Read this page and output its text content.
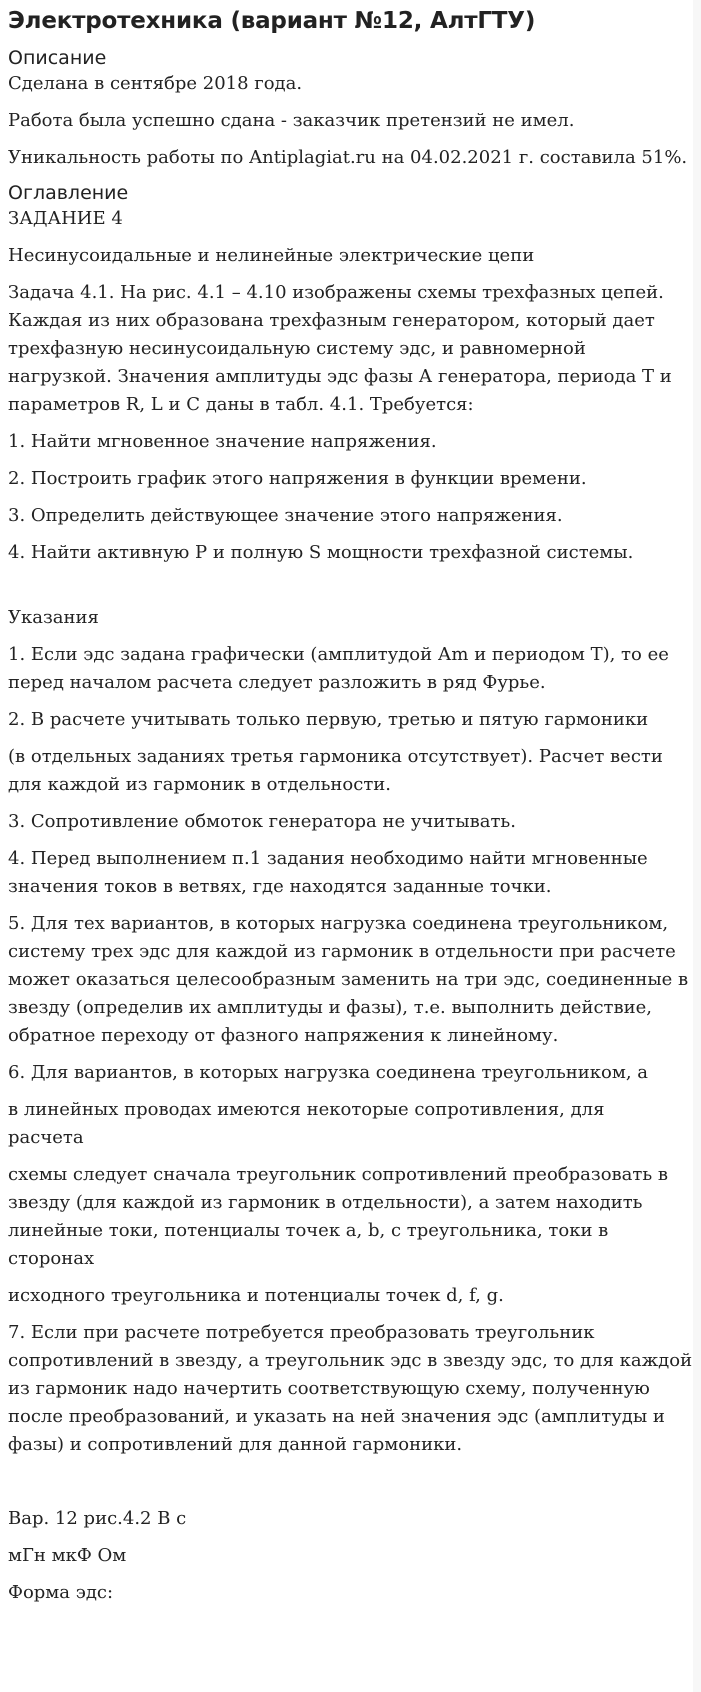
Электротехника (вариант №12, АлтГТУ)
Описание

Сделана в сентябре 2018 года.

Работа была успешно сдана - заказчик претензий не имел.

Уникальность работы по Antiplagiat.ru на 04.02.2021 г. составила 51%.

Оглавление

ЗАДАНИЕ 4

Несинусоидальные и нелинейные электрические цепи

Задача 4.1. На рис. 4.1 – 4.10 изображены схемы трехфазных цепей. Каждая из них образована трехфазным генератором, который дает трехфазную несинусоидальную систему эдс, и равномерной нагрузкой. Значения амплитуды эдс фазы А генератора, периода Т и параметров R, L и С даны в табл. 4.1. Требуется:

1. Найти мгновенное значение напряжения.

2. Построить график этого напряжения в функции времени.

3. Определить действующее значение этого напряжения.

4. Найти активную Р и полную S мощности трехфазной системы.

Указания

1. Если эдс задана графически (амплитудой Аm и периодом Т), то ее перед началом расчета следует разложить в ряд Фурье.

2. В расчете учитывать только первую, третью и пятую гармоники

(в отдельных заданиях третья гармоника отсутствует). Расчет вести для каждой из гармоник в отдельности.

3. Сопротивление обмоток генератора не учитывать.

4. Перед выполнением п.1 задания необходимо найти мгновенные значения токов в ветвях, где находятся заданные точки.

5. Для тех вариантов, в которых нагрузка соединена треугольником, систему трех эдс для каждой из гармоник в отдельности при расчете может оказаться целесообразным заменить на три эдс, соединенные в звезду (определив их амплитуды и фазы), т.е. выполнить действие, обратное переходу от фазного напряжения к линейному.

6. Для вариантов, в которых нагрузка соединена треугольником, а

в линейных проводах имеются некоторые сопротивления, для
расчета

схемы следует сначала треугольник сопротивлений преобразовать в звезду (для каждой из гармоник в отдельности), а затем находить линейные токи, потенциалы точек a, b, c треугольника, токи в
сторонах

исходного треугольника и потенциалы точек d, f, g.

7. Если при расчете потребуется преобразовать треугольник сопротивлений в звезду, а треугольник эдс в звезду эдс, то для каждой из гармоник надо начертить соответствующую схему, полученную после преобразований, и указать на ней значения эдс (амплитуды и фазы) и сопротивлений для данной гармоники.

Вар. 12 рис.4.2 В с

мГн мкФ Ом

Форма эдс:
